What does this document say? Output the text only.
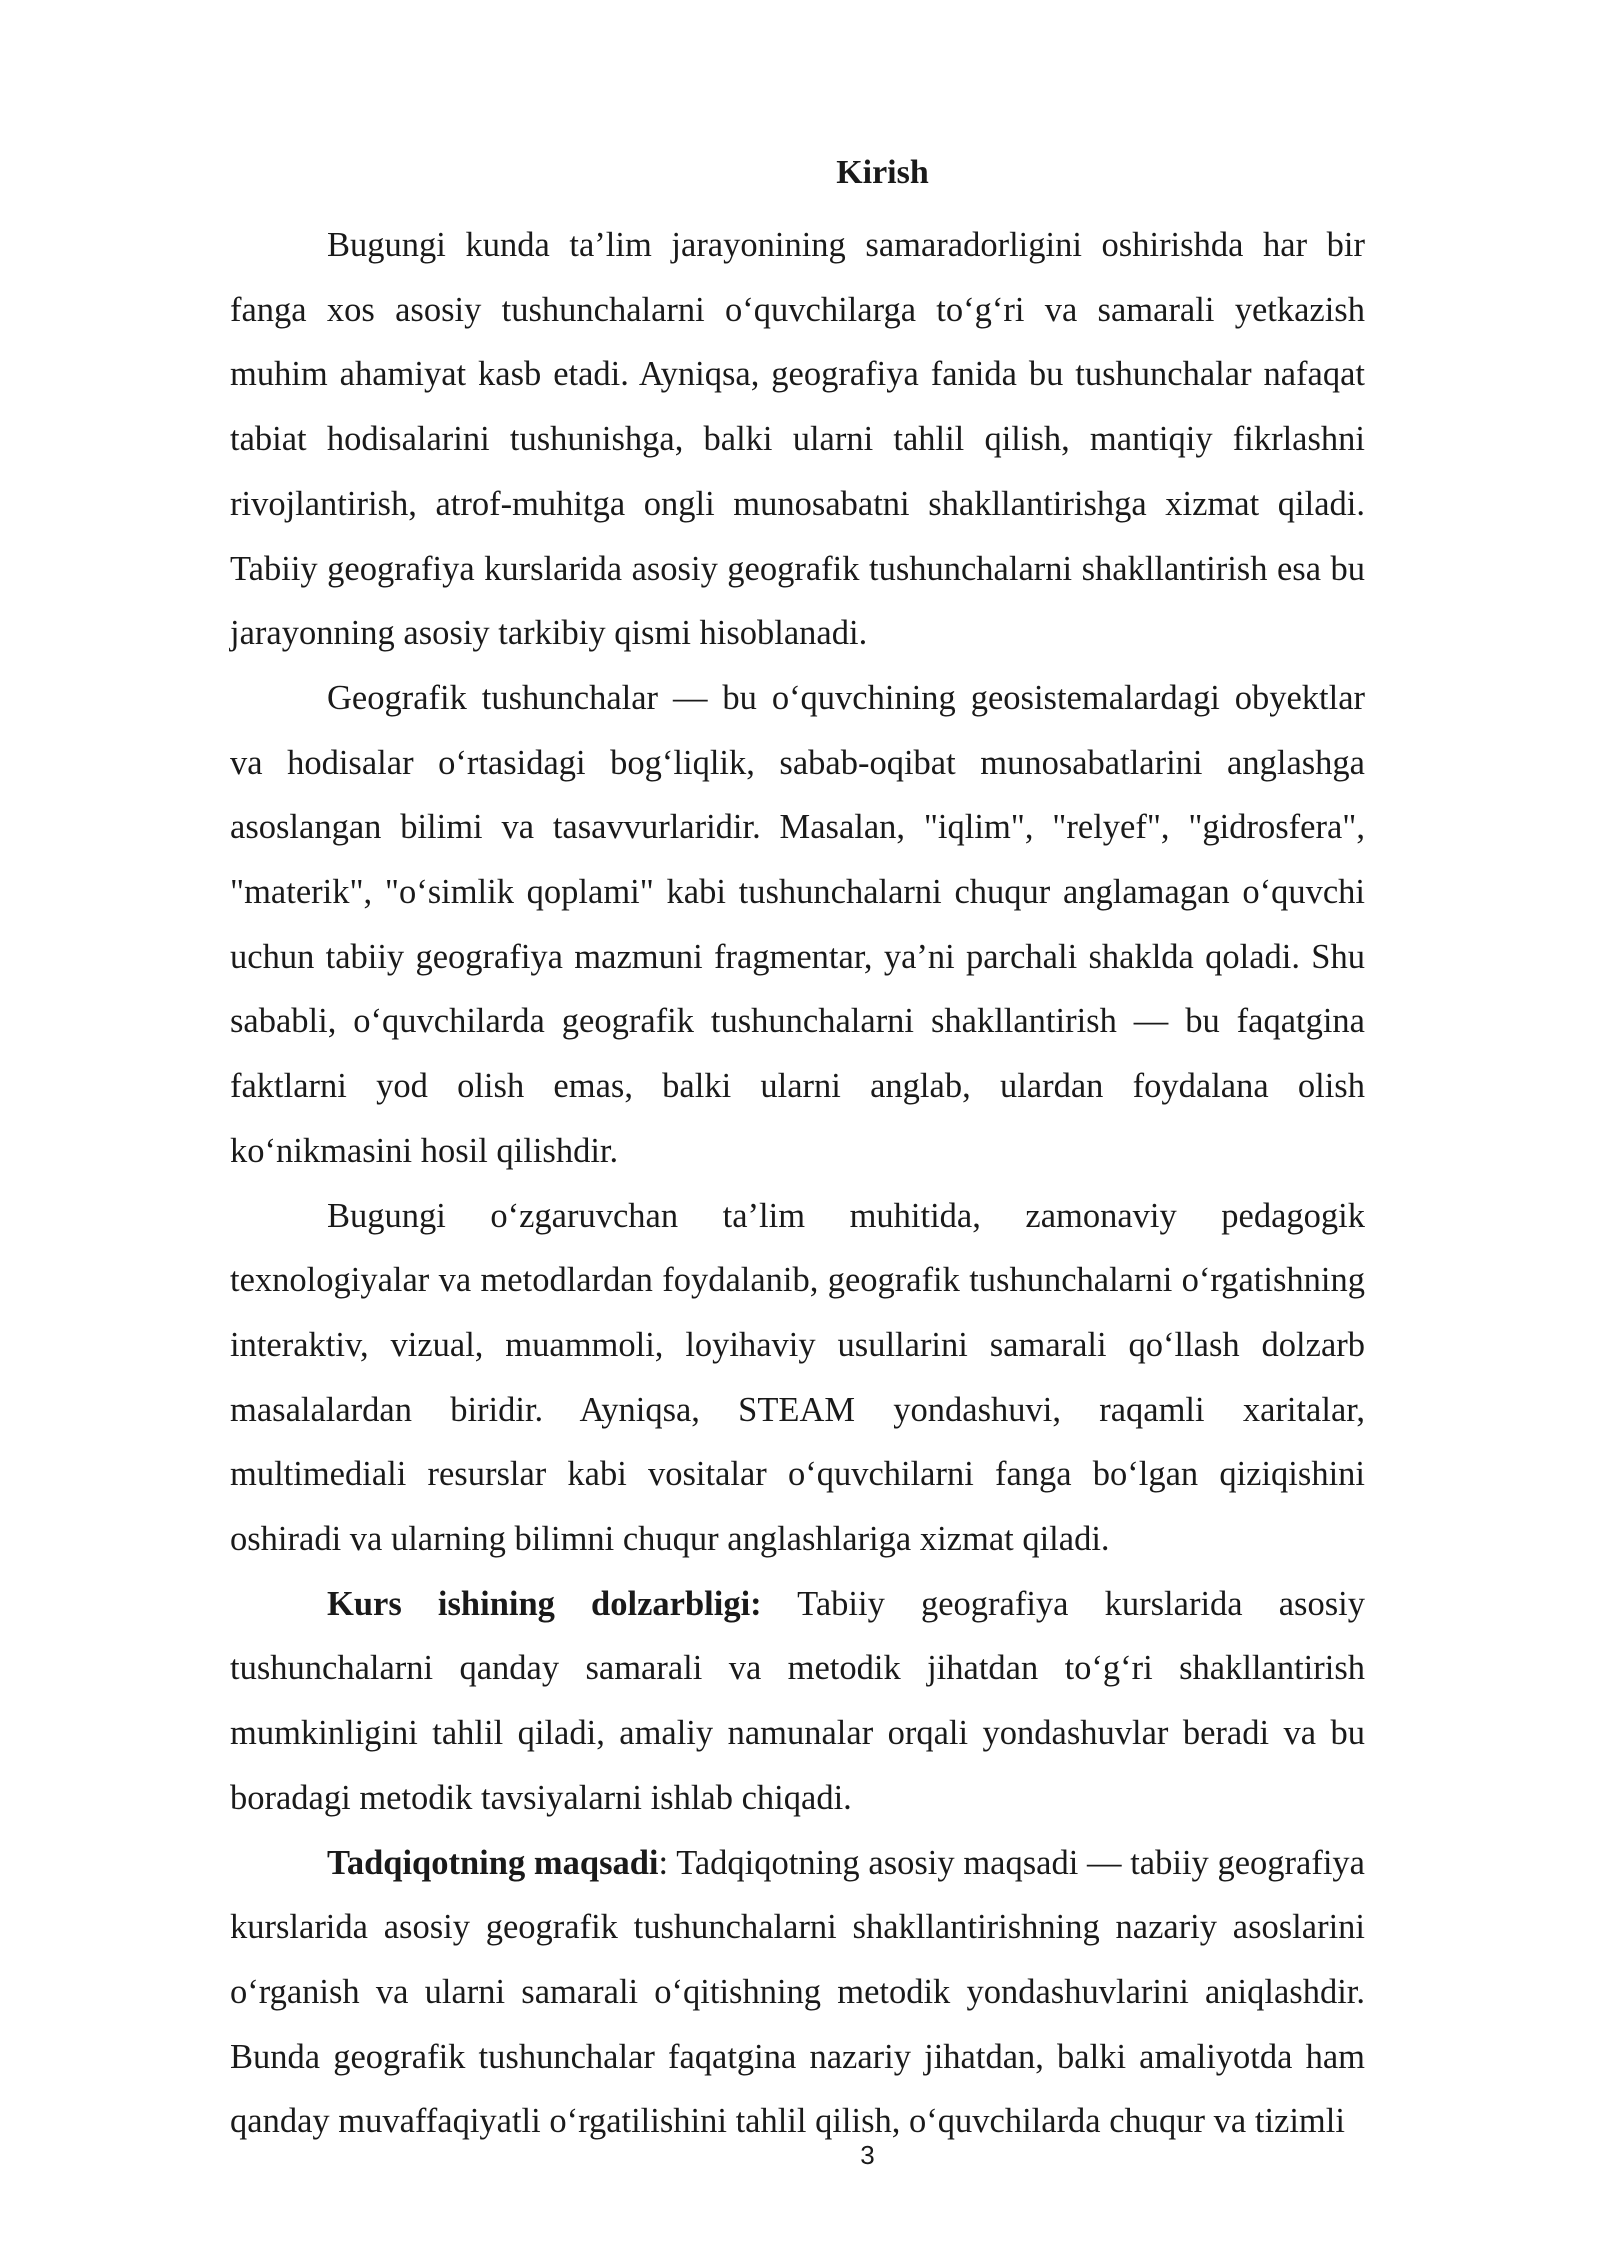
Kirish

Bugungi kunda ta’lim jarayonining samaradorligini oshirishda har bir fanga xos asosiy tushunchalarni o‘quvchilarga to‘g‘ri va samarali yetkazish muhim ahamiyat kasb etadi. Ayniqsa, geografiya fanida bu tushunchalar nafaqat tabiat hodisalarini tushunishga, balki ularni tahlil qilish, mantiqiy fikrlashni rivojlantirish, atrof-muhitga ongli munosabatni shakllantirishga xizmat qiladi. Tabiiy geografiya kurslarida asosiy geografik tushunchalarni shakllantirish esa bu jarayonning asosiy tarkibiy qismi hisoblanadi.

Geografik tushunchalar — bu o‘quvchining geosistemalardagi obyektlar va hodisalar o‘rtasidagi bog‘liqlik, sabab-oqibat munosabatlarini anglashga asoslangan bilimi va tasavvurlaridir. Masalan, "iqlim", "relyef", "gidrosfera", "materik", "o‘simlik qoplami" kabi tushunchalarni chuqur anglamagan o‘quvchi uchun tabiiy geografiya mazmuni fragmentar, ya’ni parchali shaklda qoladi. Shu sababli, o‘quvchilarda geografik tushunchalarni shakllantirish — bu faqatgina faktlarni yod olish emas, balki ularni anglab, ulardan foydalana olish ko‘nikmasini hosil qilishdir.

Bugungi o‘zgaruvchan ta’lim muhitida, zamonaviy pedagogik texnologiyalar va metodlardan foydalanib, geografik tushunchalarni o‘rgatishning interaktiv, vizual, muammoli, loyihaviy usullarini samarali qo‘llash dolzarb masalalardan biridir. Ayniqsa, STEAM yondashuvi, raqamli xaritalar, multimediali resurslar kabi vositalar o‘quvchilarni fanga bo‘lgan qiziqishini oshiradi va ularning bilimni chuqur anglashlariga xizmat qiladi.

Kurs ishining dolzarbligi: Tabiiy geografiya kurslarida asosiy tushunchalarni qanday samarali va metodik jihatdan to‘g‘ri shakllantirish mumkinligini tahlil qiladi, amaliy namunalar orqali yondashuvlar beradi va bu boradagi metodik tavsiyalarni ishlab chiqadi.

Tadqiqotning maqsadi: Tadqiqotning asosiy maqsadi — tabiiy geografiya kurslarida asosiy geografik tushunchalarni shakllantirishning nazariy asoslarini o‘rganish va ularni samarali o‘qitishning metodik yondashuvlarini aniqlashdir. Bunda geografik tushunchalar faqatgina nazariy jihatdan, balki amaliyotda ham qanday muvaffaqiyatli o‘rgatilishini tahlil qilish, o‘quvchilarda chuqur va tizimli

3
